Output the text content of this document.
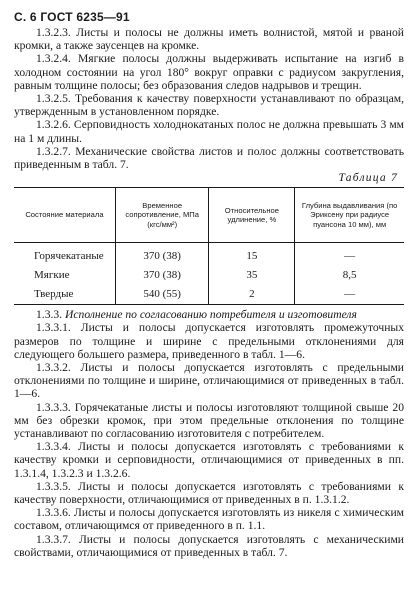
С. 6 ГОСТ 6235—91

1.3.2.3. Листы и полосы не должны иметь волнистой, мятой и рваной кромки, а также заусенцев на кромке.

1.3.2.4. Мягкие полосы должны выдерживать испытание на изгиб в холодном состоянии на угол 180° вокруг оправки с радиусом закругления, равным толщине полосы; без образования следов надрывов и трещин.

1.3.2.5. Требования к качеству поверхности устанавливают по образцам, утвержденным в установленном порядке.

1.3.2.6. Серповидность холоднокатаных полос не должна превышать 3 мм на 1 м длины.

1.3.2.7. Механические свойства листов и полос должны соответствовать приведенным в табл. 7.

Таблица 7
Состояние материала	Временное сопротивление, МПа (кгс/мм²)	Относительное удлинение, %	Глубина выдавливания (по Эриксену при радиусе пуансона 10 мм), мм
Горячекатаные	370 (38)	15	—
Мягкие	370 (38)	35	8,5
Твердые	540 (55)	2	—

1.3.3. Исполнение по согласованию потребителя и изготовителя

1.3.3.1. Листы и полосы допускается изготовлять промежуточных размеров по толщине и ширине с предельными отклонениями для следующего большего размера, приведенного в табл. 1—6.

1.3.3.2. Листы и полосы допускается изготовлять с предельными отклонениями по толщине и ширине, отличающимися от приведенных в табл. 1—6.

1.3.3.3. Горячекатаные листы и полосы изготовляют толщиной свыше 20 мм без обрезки кромок, при этом предельные отклонения по толщине устанавливают по согласованию изготовителя с потребителем.

1.3.3.4. Листы и полосы допускается изготовлять с требованиями к качеству кромки и серповидности, отличающимися от приведенных в пп. 1.3.1.4, 1.3.2.3 и 1.3.2.6.

1.3.3.5. Листы и полосы допускается изготовлять с требованиями к качеству поверхности, отличающимися от приведенных в п. 1.3.1.2.

1.3.3.6. Листы и полосы допускается изготовлять из никеля с химическим составом, отличающимся от приведенного в п. 1.1.

1.3.3.7. Листы и полосы допускается изготовлять с механическими свойствами, отличающимися от приведенных в табл. 7.
